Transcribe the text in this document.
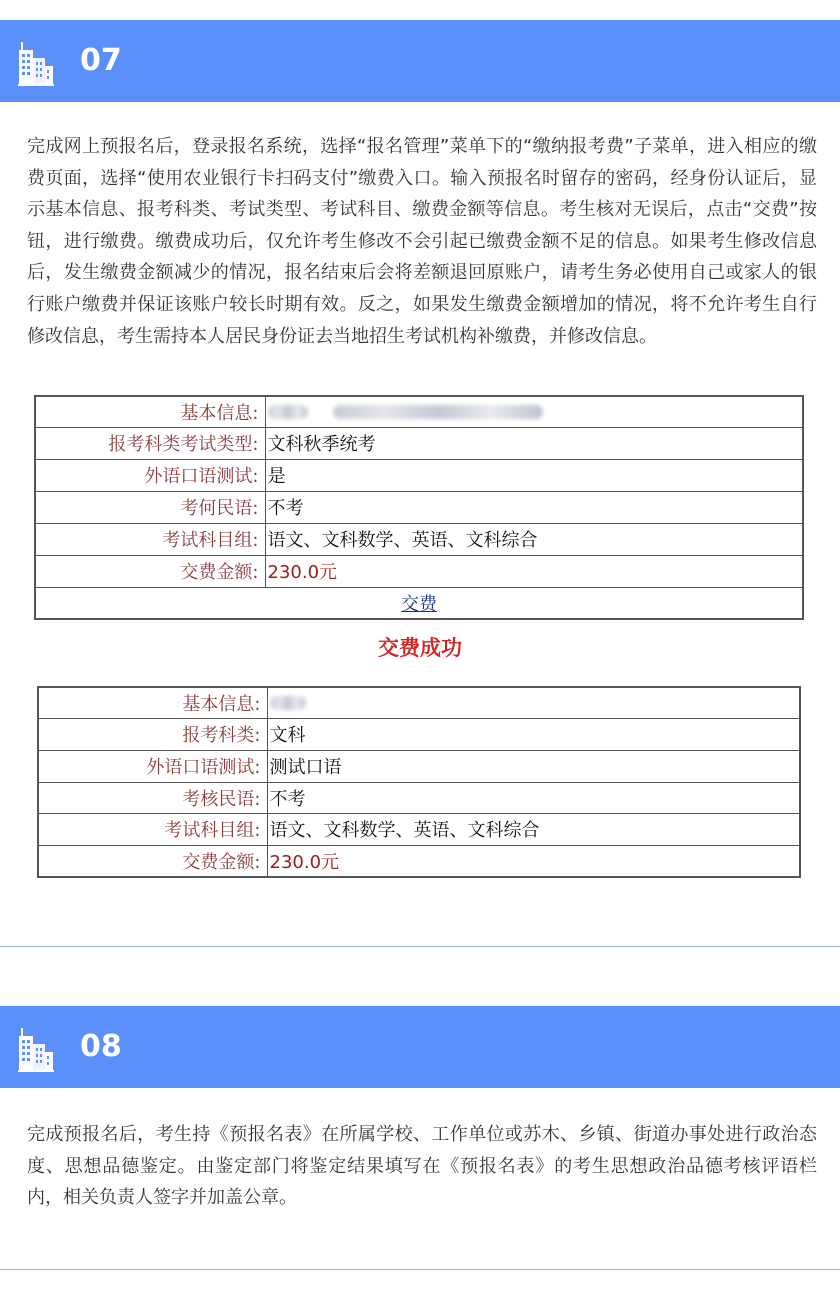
07

完成网上预报名后，登录报名系统，选择“报名管理”菜单下的“缴纳报考费”子菜单，进入相应的缴费页面，选择“使用农业银行卡扫码支付”缴费入口。输入预报名时留存的密码，经身份认证后，显示基本信息、报考科类、考试类型、考试科目、缴费金额等信息。考生核对无误后，点击“交费”按钮，进行缴费。缴费成功后，仅允许考生修改不会引起已缴费金额不足的信息。如果考生修改信息后，发生缴费金额减少的情况，报名结束后会将差额退回原账户，请考生务必使用自己或家人的银行账户缴费并保证该账户较长时期有效。反之，如果发生缴费金额增加的情况，将不允许考生自行修改信息，考生需持本人居民身份证去当地招生考试机构补缴费，并修改信息。

基本信息:	
报考科类考试类型:	文科秋季统考
外语口语测试:	是
考何民语:	不考
考试科目组:	语文、文科数学、英语、文科综合
交费金额:	230.0元
交费	
交费成功
基本信息:	
报考科类:	文科
外语口语测试:	测试口语
考核民语:	不考
考试科目组:	语文、文科数学、英语、文科综合
交费金额:	230.0元
08

完成预报名后，考生持《预报名表》在所属学校、工作单位或苏木、乡镇、街道办事处进行政治态度、思想品德鉴定。由鉴定部门将鉴定结果填写在《预报名表》的考生思想政治品德考核评语栏内，相关负责人签字并加盖公章。
